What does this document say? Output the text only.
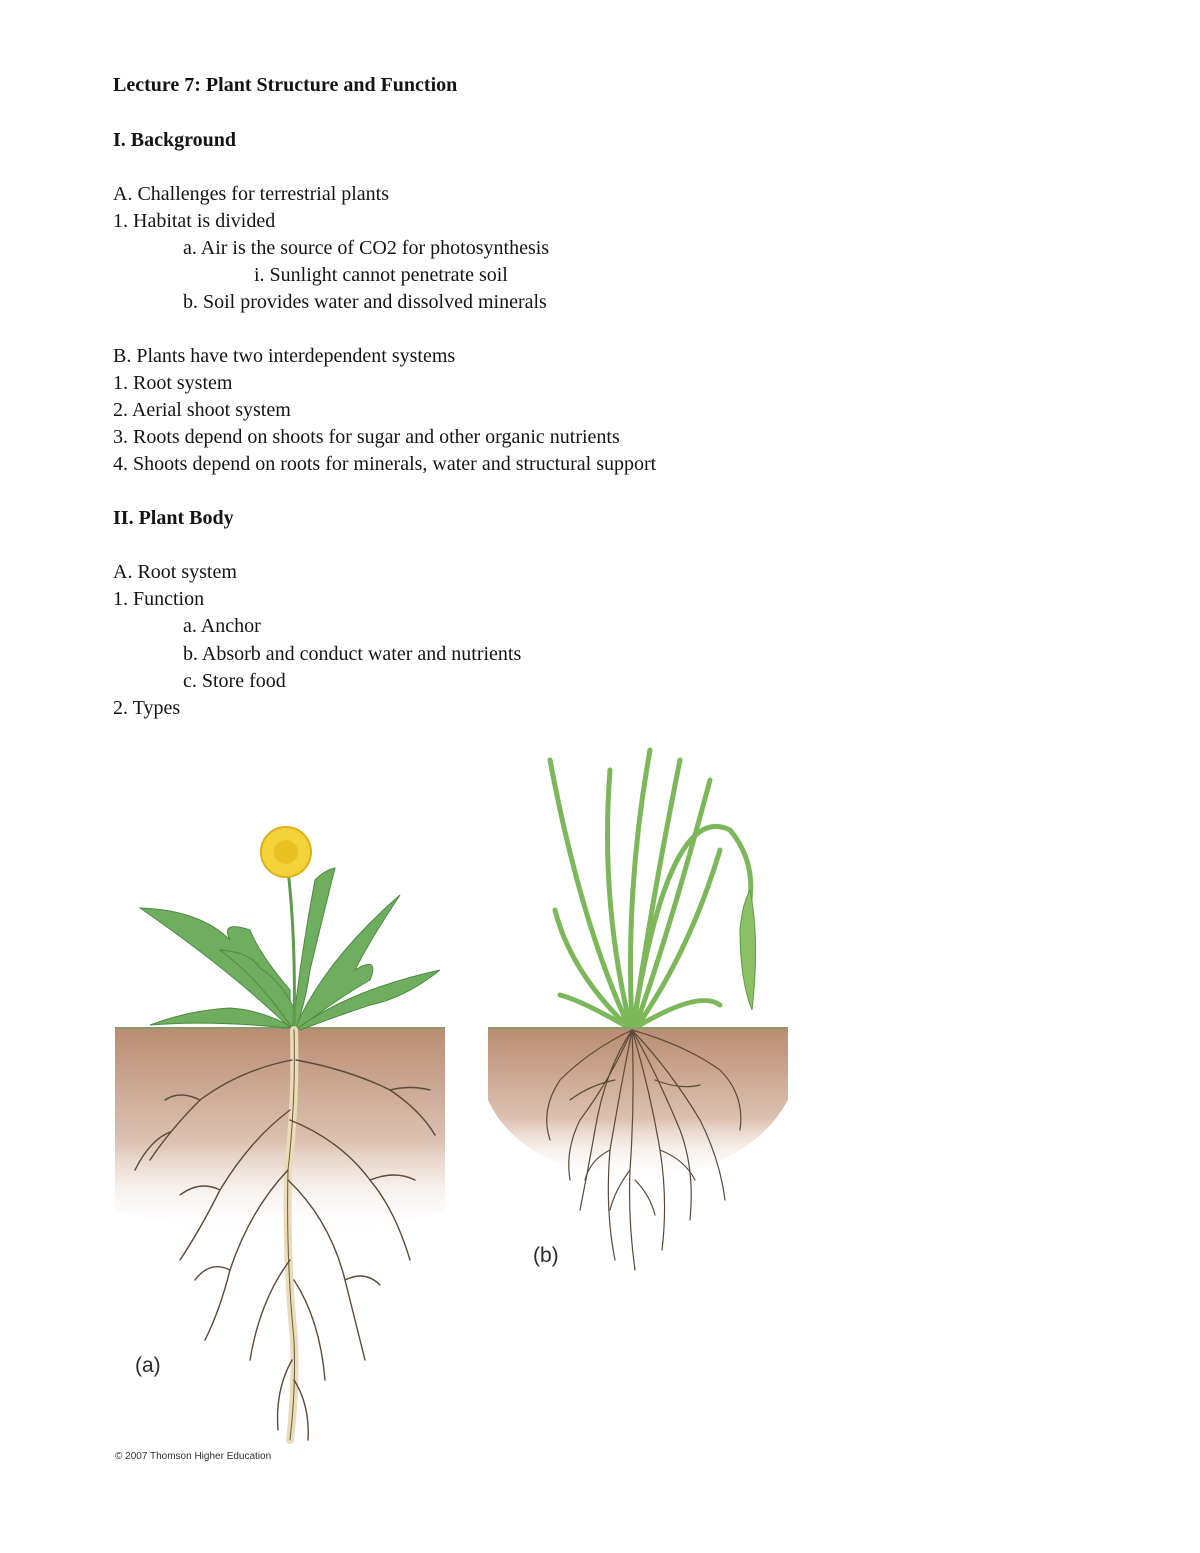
Lecture 7: Plant Structure and Function
I. Background
A. Challenges for terrestrial plants
1. Habitat is divided
a. Air is the source of CO2 for photosynthesis
i. Sunlight cannot penetrate soil
b. Soil provides water and dissolved minerals
B. Plants have two interdependent systems
1. Root system
2. Aerial shoot system
3. Roots depend on shoots for sugar and other organic nutrients
4. Shoots depend on roots for minerals, water and structural support
II. Plant Body
A. Root system
1. Function
a. Anchor
b. Absorb and conduct water and nutrients
c. Store food
2. Types
(a)
(b)
© 2007 Thomson Higher Education
